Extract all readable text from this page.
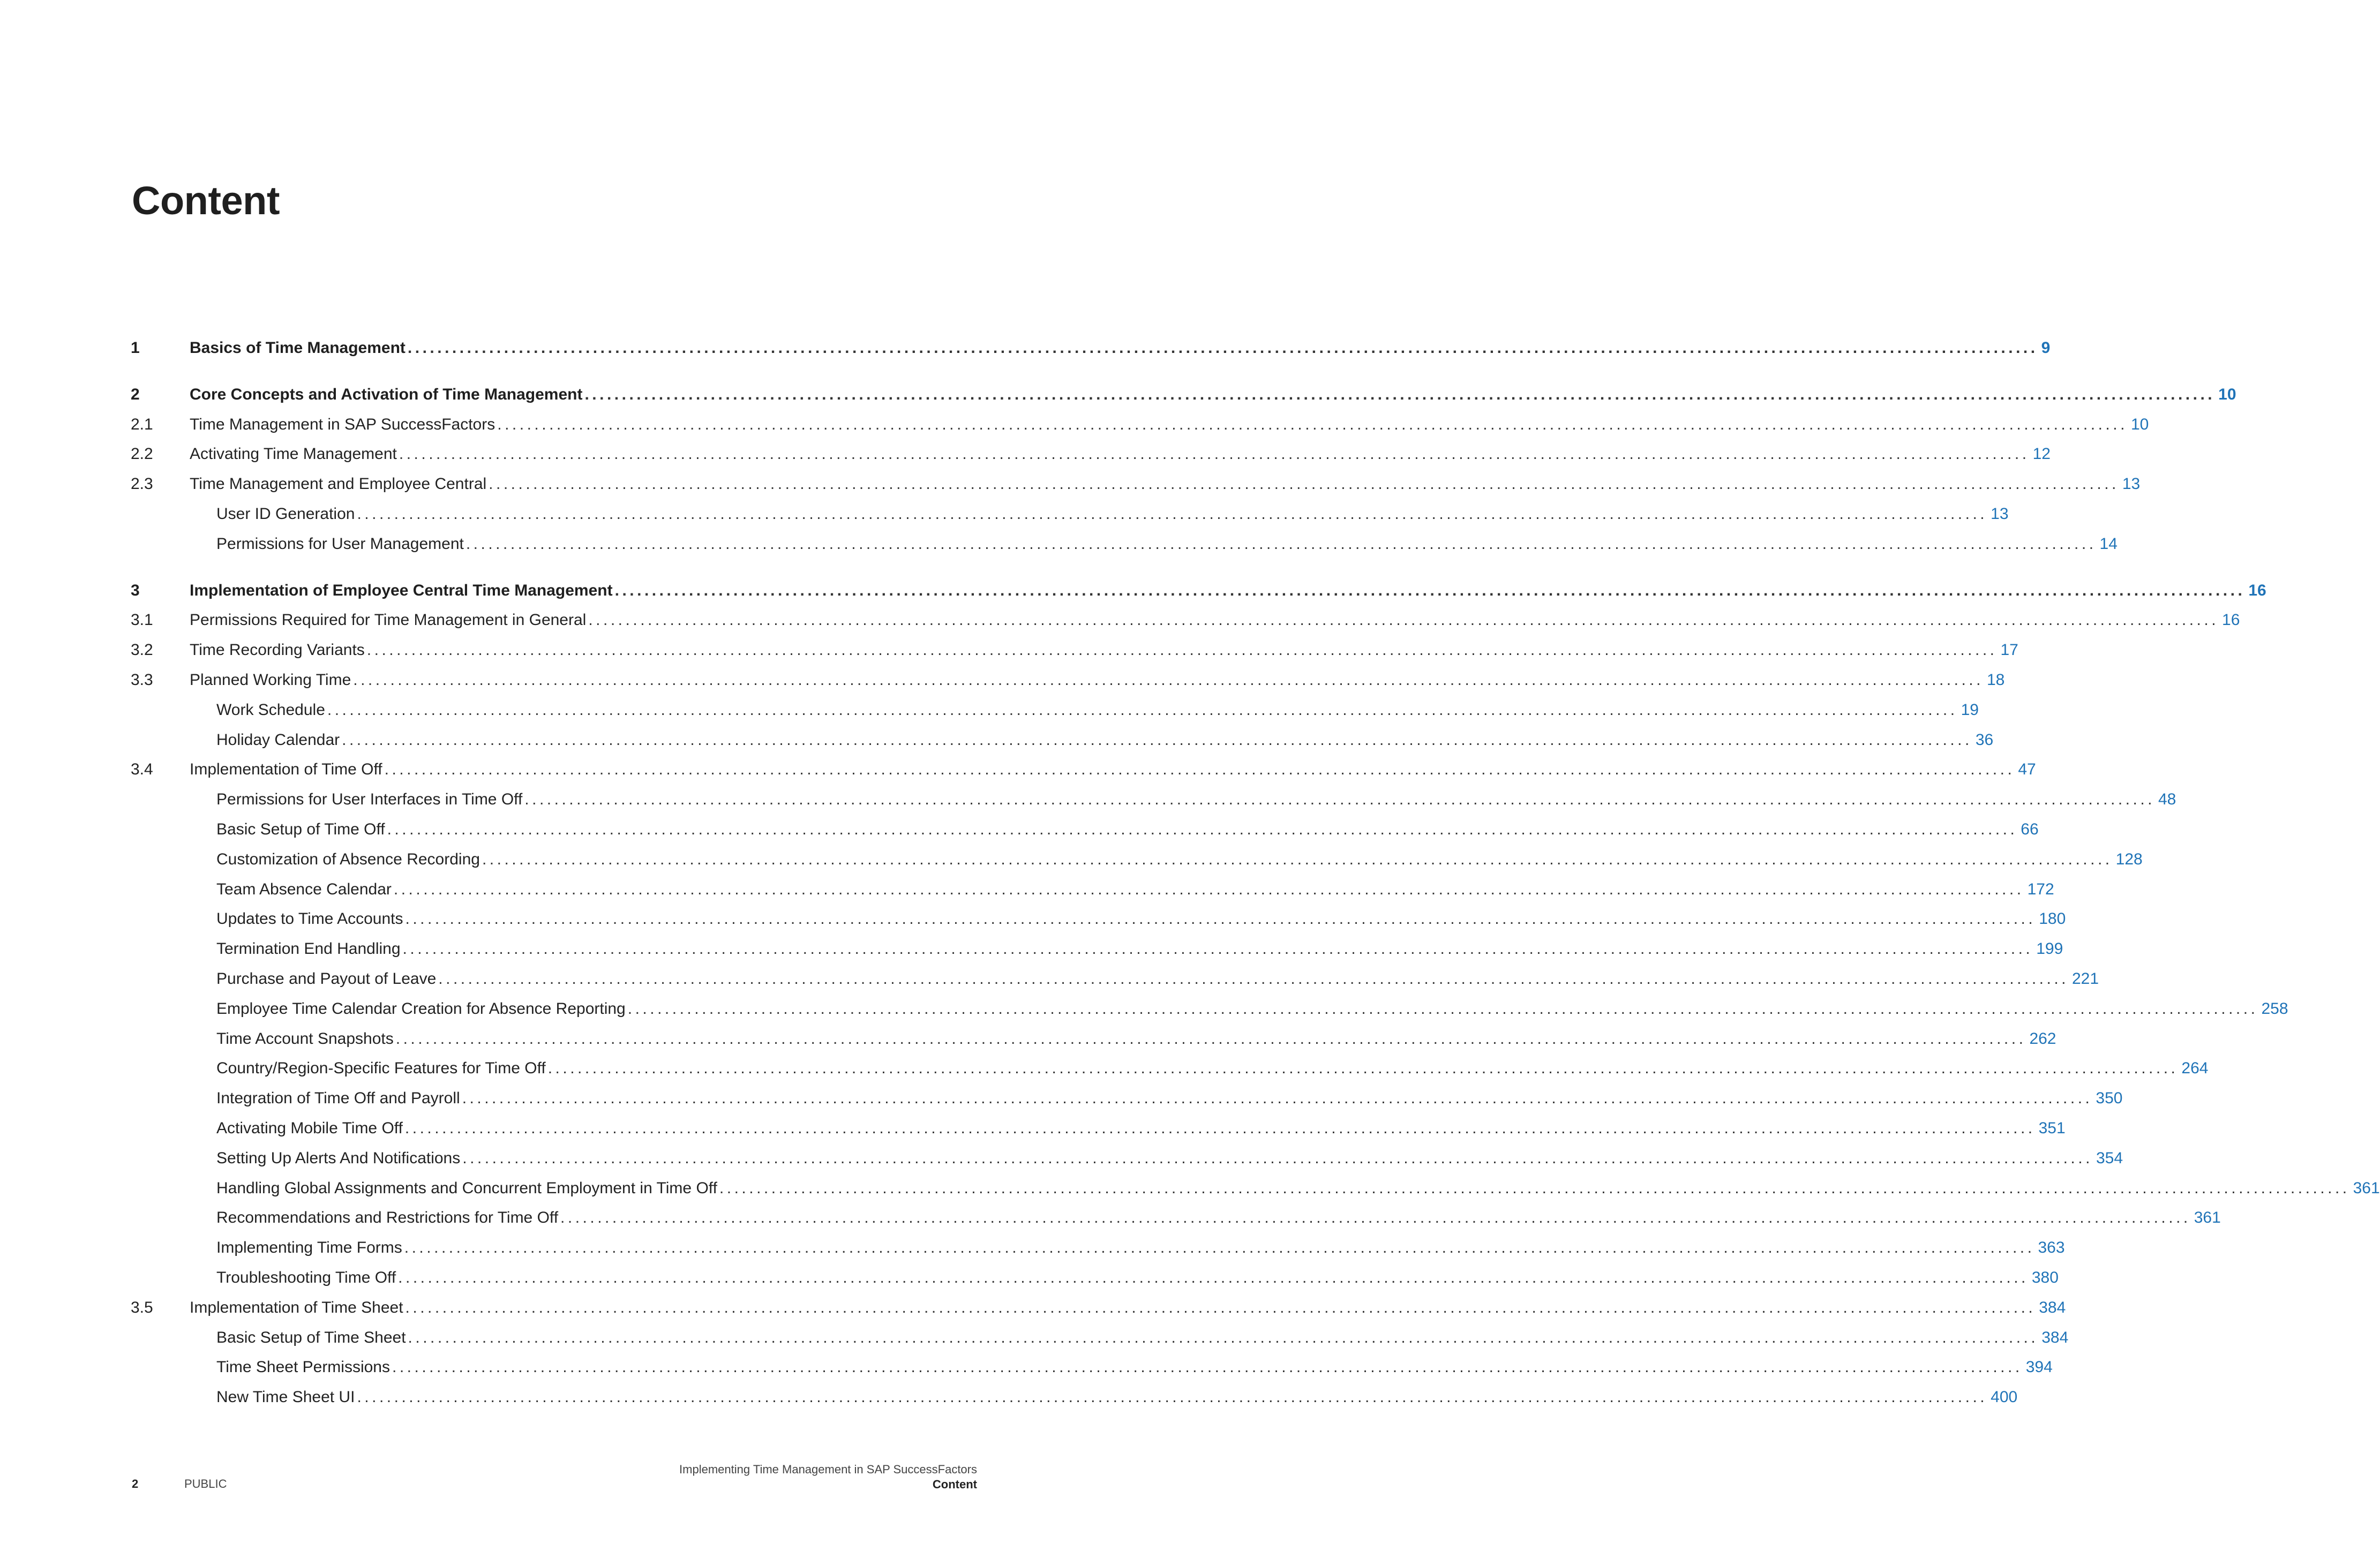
Content
1	Basics of Time Management ............................................................................................................................................................................................................................ 9
2	Core Concepts and Activation of Time Management ............................................................................................................................................................................................................................ 10
2.1	Time Management in SAP SuccessFactors ............................................................................................................................................................................................................................ 10
2.2	Activating Time Management ............................................................................................................................................................................................................................ 12
2.3	Time Management and Employee Central ............................................................................................................................................................................................................................ 13
User ID Generation ............................................................................................................................................................................................................................ 13
Permissions for User Management ............................................................................................................................................................................................................................ 14
3	Implementation of Employee Central Time Management ............................................................................................................................................................................................................................ 16
3.1	Permissions Required for Time Management in General ............................................................................................................................................................................................................................ 16
3.2	Time Recording Variants ............................................................................................................................................................................................................................ 17
3.3	Planned Working Time ............................................................................................................................................................................................................................ 18
Work Schedule ............................................................................................................................................................................................................................ 19
Holiday Calendar ............................................................................................................................................................................................................................ 36
3.4	Implementation of Time Off ............................................................................................................................................................................................................................ 47
Permissions for User Interfaces in Time Off ............................................................................................................................................................................................................................ 48
Basic Setup of Time Off ............................................................................................................................................................................................................................ 66
Customization of Absence Recording ............................................................................................................................................................................................................................ 128
Team Absence Calendar ............................................................................................................................................................................................................................ 172
Updates to Time Accounts ............................................................................................................................................................................................................................ 180
Termination End Handling ............................................................................................................................................................................................................................ 199
Purchase and Payout of Leave ............................................................................................................................................................................................................................ 221
Employee Time Calendar Creation for Absence Reporting ............................................................................................................................................................................................................................ 258
Time Account Snapshots ............................................................................................................................................................................................................................ 262
Country/Region-Specific Features for Time Off ............................................................................................................................................................................................................................ 264
Integration of Time Off and Payroll ............................................................................................................................................................................................................................ 350
Activating Mobile Time Off ............................................................................................................................................................................................................................ 351
Setting Up Alerts And Notifications ............................................................................................................................................................................................................................ 354
Handling Global Assignments and Concurrent Employment in Time Off ............................................................................................................................................................................................................................ 361
Recommendations and Restrictions for Time Off ............................................................................................................................................................................................................................ 361
Implementing Time Forms ............................................................................................................................................................................................................................ 363
Troubleshooting Time Off ............................................................................................................................................................................................................................ 380
3.5	Implementation of Time Sheet ............................................................................................................................................................................................................................ 384
Basic Setup of Time Sheet ............................................................................................................................................................................................................................ 384
Time Sheet Permissions ............................................................................................................................................................................................................................ 394
New Time Sheet UI ............................................................................................................................................................................................................................ 400
2	PUBLIC
Implementing Time Management in SAP SuccessFactors
Content
